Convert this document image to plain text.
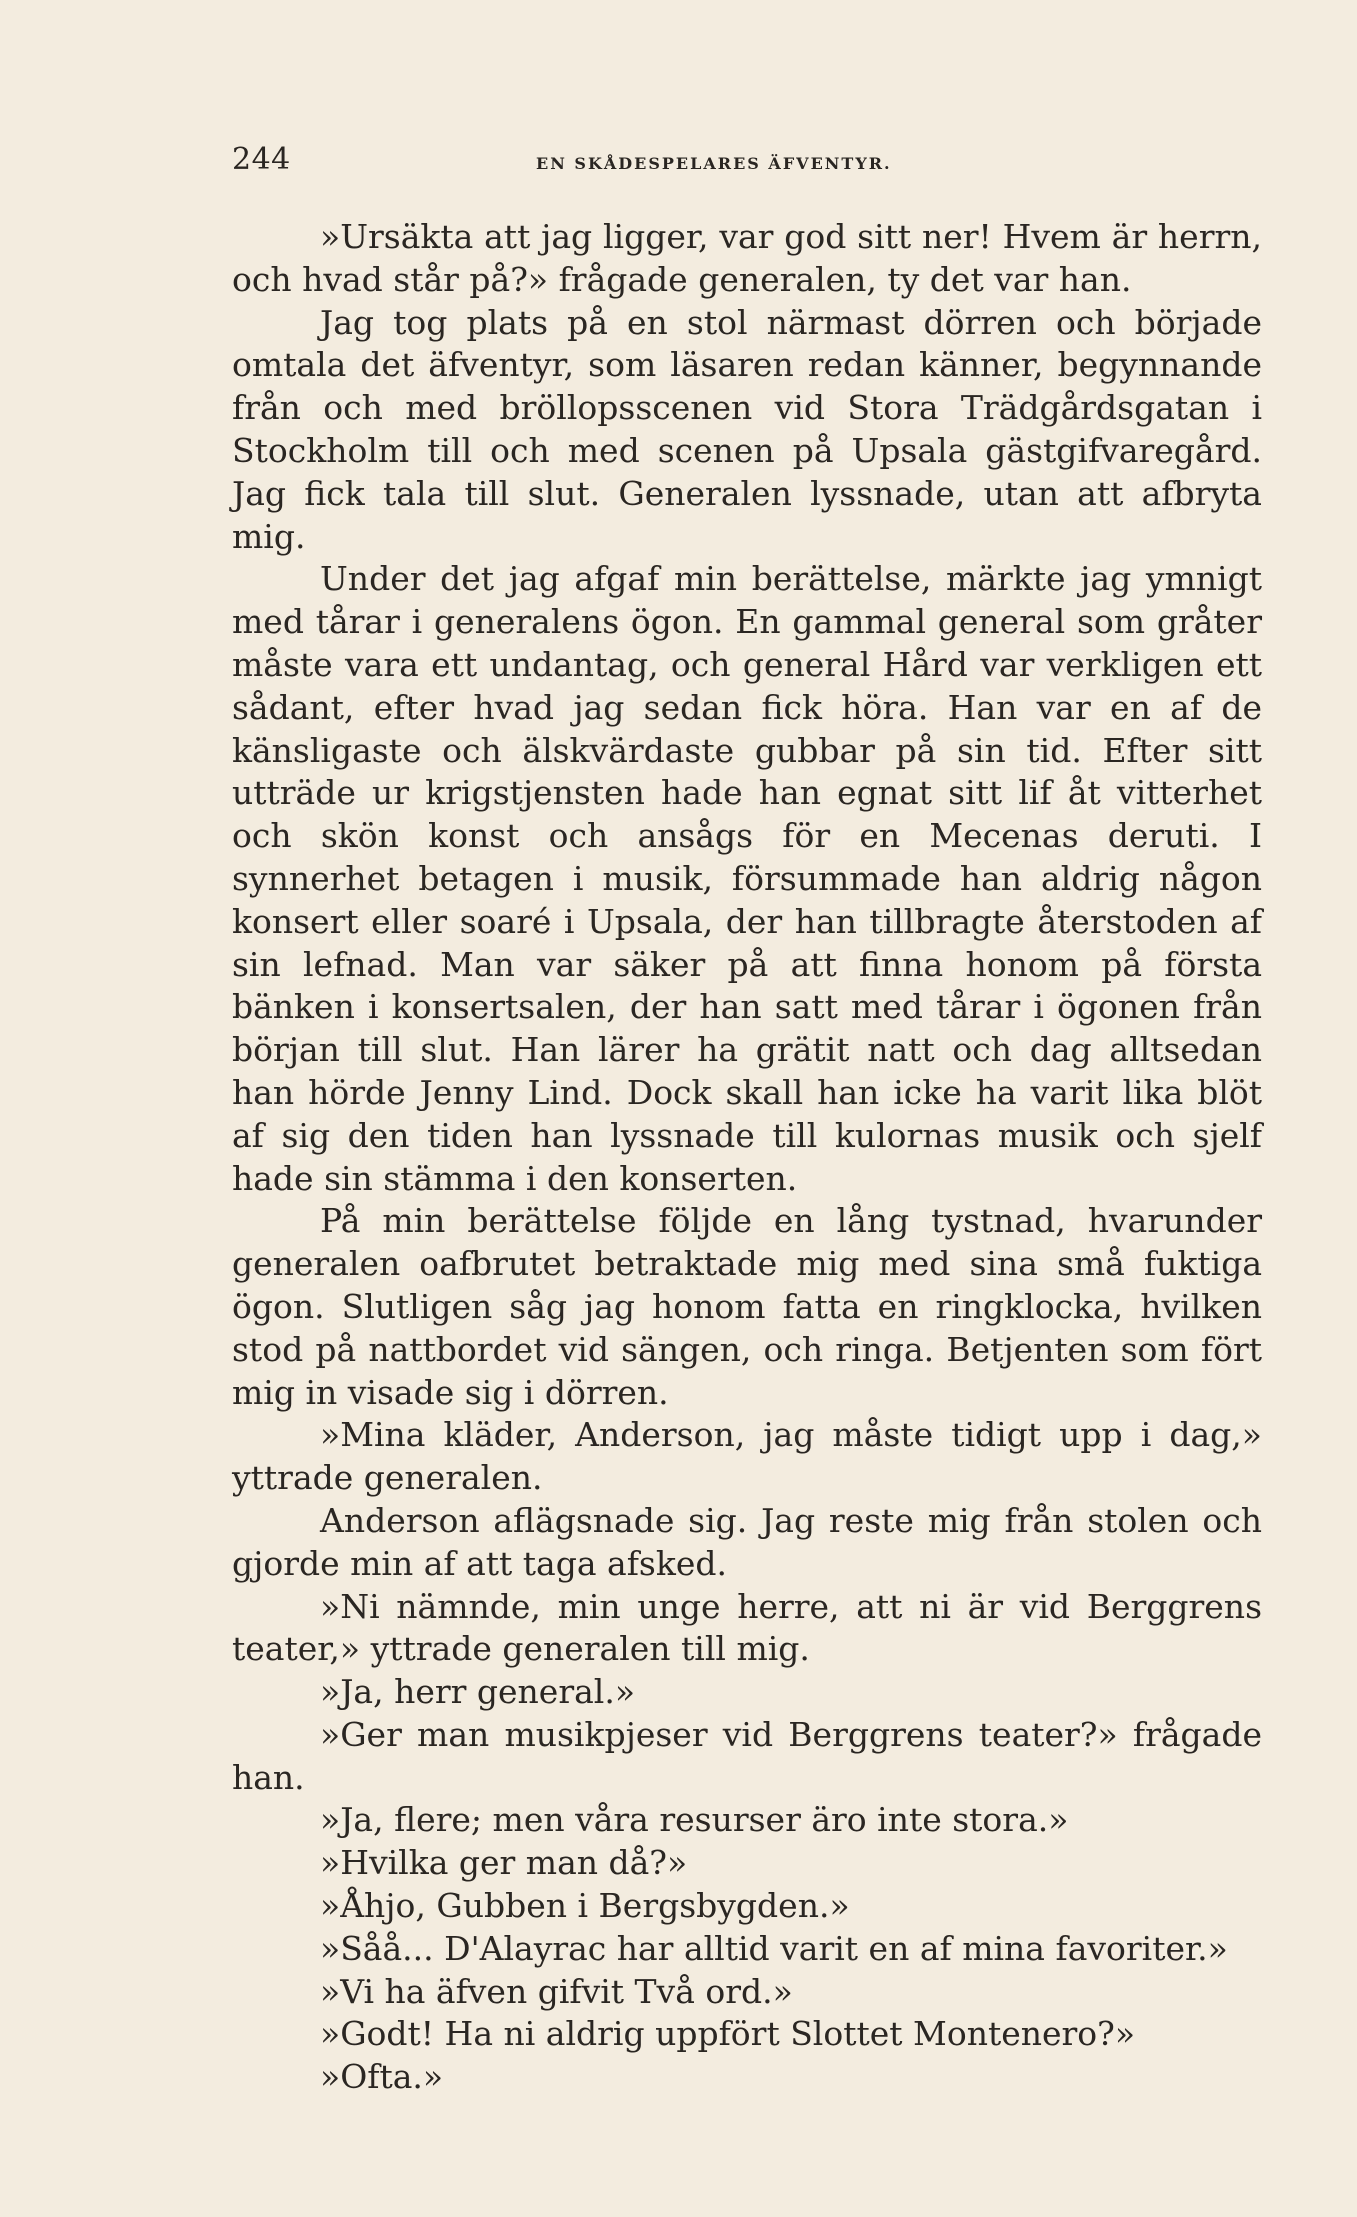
244	EN SKÅDESPELARES ÄFVENTYR.

»Ursäkta att jag ligger, var god sitt ner! Hvem är herrn, och hvad står på?» frågade generalen, ty det var han.

Jag tog plats på en stol närmast dörren och började omtala det äfventyr, som läsaren redan känner, begynnande från och med bröllopsscenen vid Stora Trädgårdsgatan i Stockholm till och med scenen på Upsala gästgifvaregård. Jag fick tala till slut. Generalen lyssnade, utan att afbryta mig.

Under det jag afgaf min berättelse, märkte jag ymnigt med tårar i generalens ögon. En gammal general som gråter måste vara ett undantag, och general Hård var verkligen ett sådant, efter hvad jag sedan fick höra. Han var en af de känsligaste och älskvärdaste gubbar på sin tid. Efter sitt utträde ur krigstjensten hade han egnat sitt lif åt vitterhet och skön konst och ansågs för en Mecenas deruti. I synnerhet betagen i musik, försummade han aldrig någon konsert eller soaré i Upsala, der han tillbragte återstoden af sin lefnad. Man var säker på att finna honom på första bänken i konsertsalen, der han satt med tårar i ögonen från början till slut. Han lärer ha grätit natt och dag alltsedan han hörde Jenny Lind. Dock skall han icke ha varit lika blöt af sig den tiden han lyssnade till kulornas musik och sjelf hade sin stämma i den konserten.

På min berättelse följde en lång tystnad, hvarunder generalen oafbrutet betraktade mig med sina små fuktiga ögon. Slutligen såg jag honom fatta en ringklocka, hvilken stod på nattbordet vid sängen, och ringa. Betjenten som fört mig in visade sig i dörren.

»Mina kläder, Anderson, jag måste tidigt upp i dag,» yttrade generalen.

Anderson aflägsnade sig. Jag reste mig från stolen och gjorde min af att taga afsked.

»Ni nämnde, min unge herre, att ni är vid Berggrens teater,» yttrade generalen till mig.

»Ja, herr general.»

»Ger man musikpjeser vid Berggrens teater?» frågade han.

»Ja, flere; men våra resurser äro inte stora.»

»Hvilka ger man då?»

»Åhjo, Gubben i Bergsbygden.»

»Såå... D'Alayrac har alltid varit en af mina favoriter.»

»Vi ha äfven gifvit Två ord.»

»Godt! Ha ni aldrig uppfört Slottet Montenero?»

»Ofta.»
